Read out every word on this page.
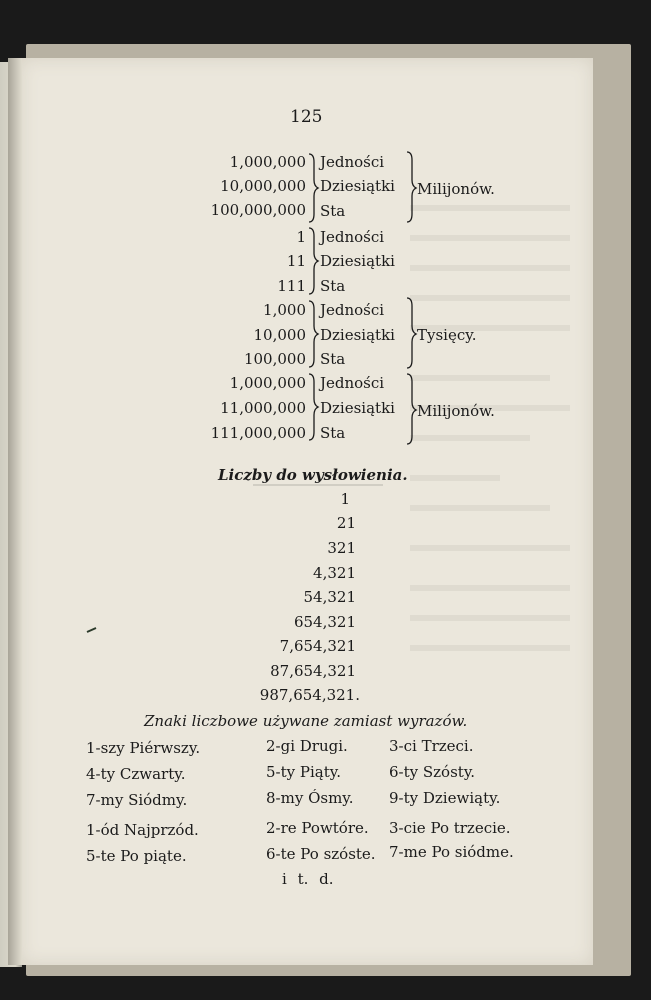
125
1,000,000 Jedności
10,000,000 Dziesiątki
100,000,000 Sta
1 Jedności
11 Dziesiątki
111 Sta
1,000 Jedności
10,000 Dziesiątki
100,000 Sta
1,000,000 Jedności
11,000,000 Dziesiątki
111,000,000 Sta
Milijonów.
Tysięcy.
Milijonów.
Liczby do wysłowienia.
1
21
321
4,321
54,321
654,321
7,654,321
87,654,321
987,654,321.
Znaki liczbowe używane zamiast wyrazów.
1-szy Piérwszy.	2-gi Drugi.	3-ci Trzeci.
4-ty Czwarty.	5-ty Piąty.	6-ty Szósty.
7-my Siódmy.	8-my Ósmy. 9-ty Dziewiąty.
1-ód Najprzód.	2-re Powtóre. 3-cie Po trzecie.
5-te Po piąte.	6-te Po szóste. 7-me Po siódme.
i t. d.
